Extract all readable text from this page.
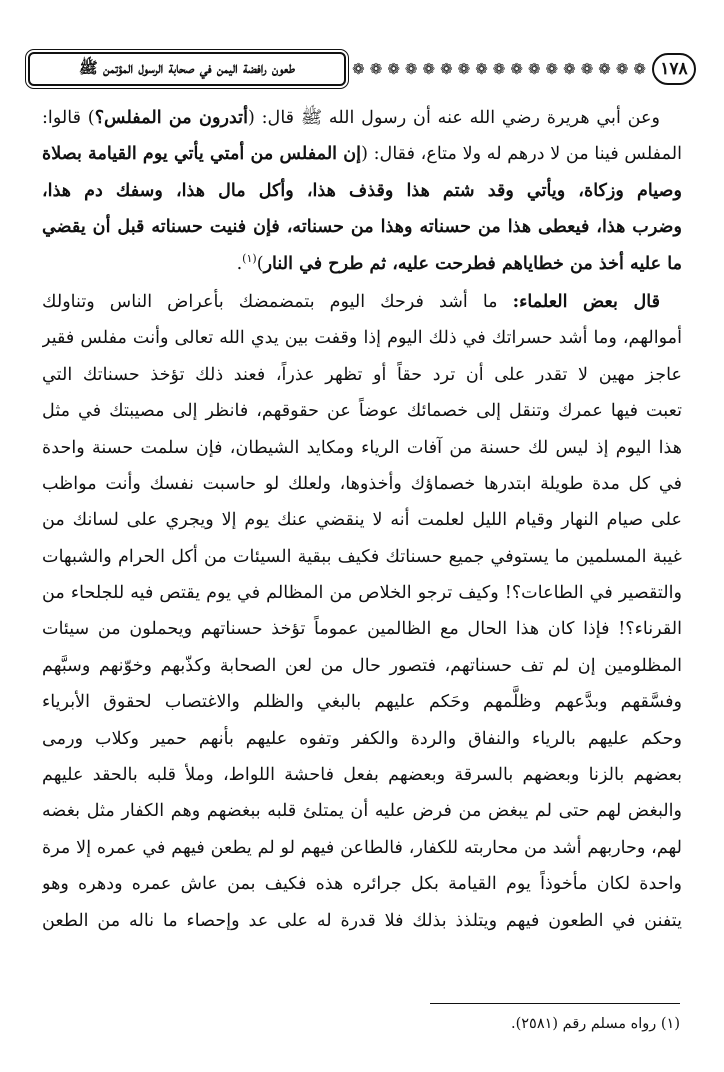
١٧٨
❁
❁
❁
❁
❁
❁
❁
❁
❁
❁
❁
❁
❁
❁
❁
❁
❁
طعون رافضة اليمن في صحابة الرسول المؤتمن ﷺ
وعن أبي هريرة رضي الله عنه أن رسول الله ﷺ قال: (أتدرون من المفلس؟) قالوا:
المفلس فينا من لا درهم له ولا متاع، فقال: (إن المفلس من أمتي يأتي يوم القيامة بصلاة
وصيام وزكاة، ويأتي وقد شتم هذا وقذف هذا، وأكل مال هذا، وسفك دم هذا،
وضرب هذا، فيعطى هذا من حسناته وهذا من حسناته، فإن فنيت حسناته قبل أن يقضي
ما عليه أخذ من خطاياهم فطرحت عليه، ثم طرح في النار)$^{(١)}$.
قال بعض العلماء: ما أشد فرحك اليوم بتمضمضك بأعراض الناس وتناولك
أموالهم، وما أشد حسراتك في ذلك اليوم إذا وقفت بين يدي الله تعالى وأنت مفلس فقير
عاجز مهين لا تقدر على أن ترد حقاً أو تظهر عذراً، فعند ذلك تؤخذ حسناتك التي
تعبت فيها عمرك وتنقل إلى خصمائك عوضاً عن حقوقهم، فانظر إلى مصيبتك في مثل
هذا اليوم إذ ليس لك حسنة من آفات الرياء ومكايد الشيطان، فإن سلمت حسنة واحدة
في كل مدة طويلة ابتدرها خصماؤك وأخذوها، ولعلك لو حاسبت نفسك وأنت مواظب
على صيام النهار وقيام الليل لعلمت أنه لا ينقضي عنك يوم إلا ويجري على لسانك من
غيبة المسلمين ما يستوفي جميع حسناتك فكيف ببقية السيئات من أكل الحرام والشبهات
والتقصير في الطاعات؟! وكيف ترجو الخلاص من المظالم في يوم يقتص فيه للجلحاء من
القرناء؟! فإذا كان هذا الحال مع الظالمين عموماً تؤخذ حسناتهم ويحملون من سيئات
المظلومين إن لم تف حسناتهم، فتصور حال من لعن الصحابة وكذّبهم وخوّنهم وسبَّهم
وفسَّقهم وبدَّعهم وظلَّمهم وحَكم عليهم بالبغي والظلم والاغتصاب لحقوق الأبرياء
وحكم عليهم بالرياء والنفاق والردة والكفر وتفوه عليهم بأنهم حمير وكلاب ورمى
بعضهم بالزنا وبعضهم بالسرقة وبعضهم بفعل فاحشة اللواط، وملأ قلبه بالحقد عليهم
والبغض لهم حتى لم يبغض من فرض عليه أن يمتلئ قلبه ببغضهم وهم الكفار مثل بغضه
لهم، وحاربهم أشد من محاربته للكفار، فالطاعن فيهم لو لم يطعن فيهم في عمره إلا مرة
واحدة لكان مأخوذاً يوم القيامة بكل جرائره هذه فكيف بمن عاش عمره ودهره وهو
يتفنن في الطعون فيهم ويتلذذ بذلك فلا قدرة له على عد وإحصاء ما ناله من الطعن
(١) رواه مسلم رقم (٢٥٨١).
